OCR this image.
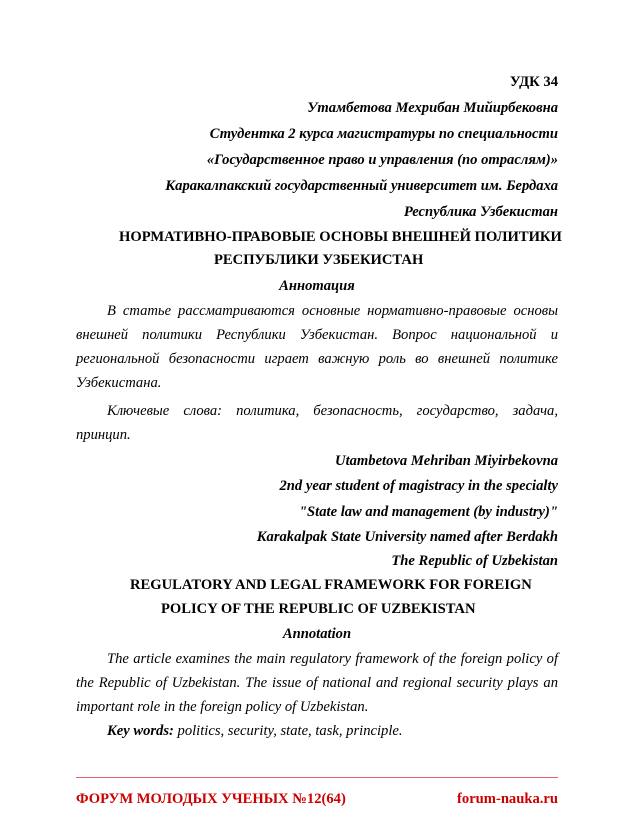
УДК 34
Утамбетова Мехрибан Мийирбековна
Студентка 2 курса магистратуры по специальности
«Государственное право и управления (по отраслям)»
Каракалпакский государственный университет им. Бердаха
Республика Узбекистан
НОРМАТИВНО-ПРАВОВЫЕ ОСНОВЫ ВНЕШНЕЙ ПОЛИТИКИ
РЕСПУБЛИКИ УЗБЕКИСТАН
Аннотация
В статье рассматриваются основные нормативно-правовые основы внешней политики Республики Узбекистан. Вопрос национальной и региональной безопасности играет важную роль во внешней политике Узбекистана.
Ключевые слова: политика, безопасность, государство, задача, принцип.
Utambetova Mehriban Miyirbekovna
2nd year student of magistracy in the specialty
"State law and management (by industry)"
Karakalpak State University named after Berdakh
The Republic of Uzbekistan
REGULATORY AND LEGAL FRAMEWORK FOR FOREIGN
POLICY OF THE REPUBLIC OF UZBEKISTAN
Annotation
The article examines the main regulatory framework of the foreign policy of the Republic of Uzbekistan. The issue of national and regional security plays an important role in the foreign policy of Uzbekistan.
Key words: politics, security, state, task, principle.
ФОРУМ МОЛОДЫХ УЧЕНЫХ №12(64)	forum-nauka.ru
